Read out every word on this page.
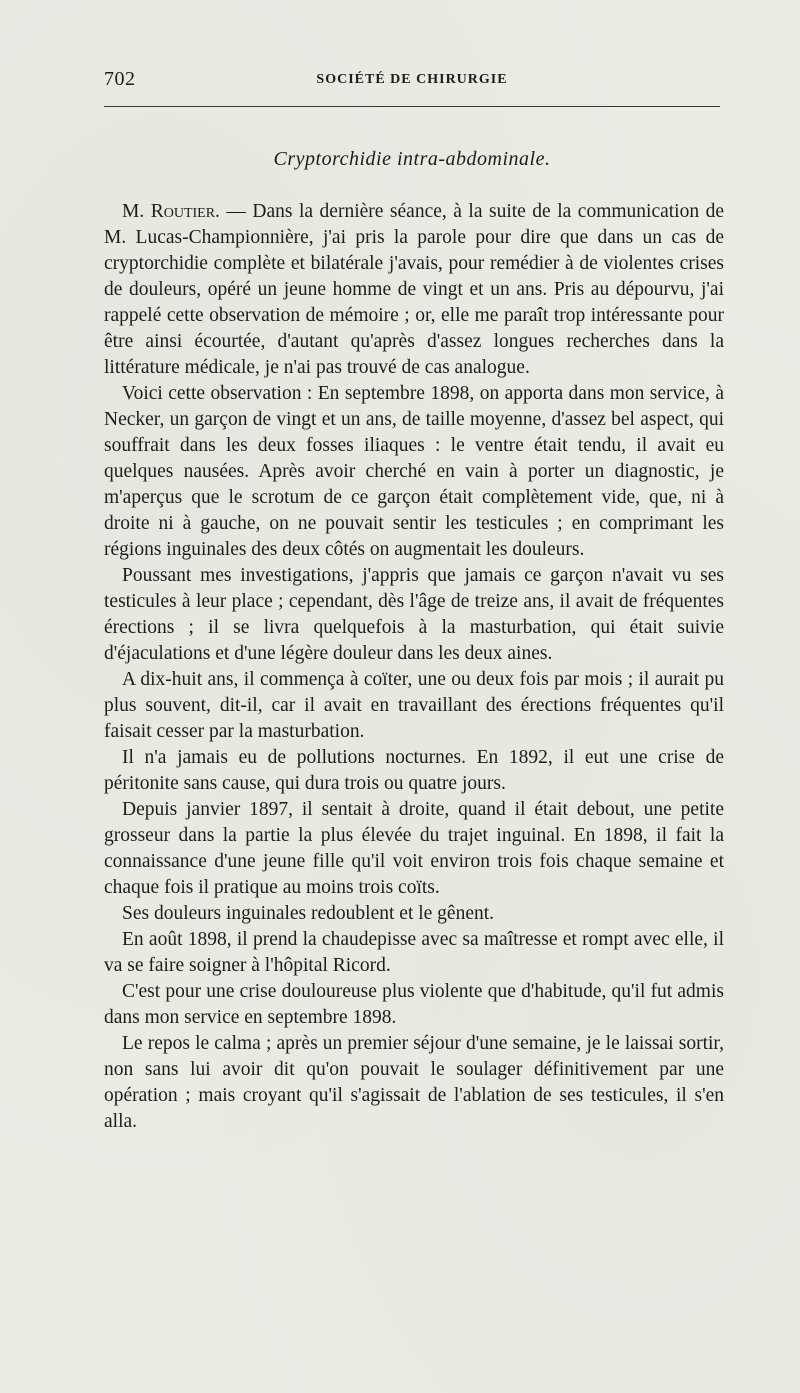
702	SOCIÉTÉ DE CHIRURGIE
Cryptorchidie intra-abdominale.

M. Routier. — Dans la dernière séance, à la suite de la communication de M. Lucas-Championnière, j'ai pris la parole pour dire que dans un cas de cryptorchidie complète et bilatérale j'avais, pour remédier à de violentes crises de douleurs, opéré un jeune homme de vingt et un ans. Pris au dépourvu, j'ai rappelé cette observation de mémoire ; or, elle me paraît trop intéressante pour être ainsi écourtée, d'autant qu'après d'assez longues recherches dans la littérature médicale, je n'ai pas trouvé de cas analogue.

Voici cette observation : En septembre 1898, on apporta dans mon service, à Necker, un garçon de vingt et un ans, de taille moyenne, d'assez bel aspect, qui souffrait dans les deux fosses iliaques : le ventre était tendu, il avait eu quelques nausées. Après avoir cherché en vain à porter un diagnostic, je m'aperçus que le scrotum de ce garçon était complètement vide, que, ni à droite ni à gauche, on ne pouvait sentir les testicules ; en comprimant les régions inguinales des deux côtés on augmentait les douleurs.

Poussant mes investigations, j'appris que jamais ce garçon n'avait vu ses testicules à leur place ; cependant, dès l'âge de treize ans, il avait de fréquentes érections ; il se livra quelquefois à la masturbation, qui était suivie d'éjaculations et d'une légère douleur dans les deux aines.

A dix-huit ans, il commença à coïter, une ou deux fois par mois ; il aurait pu plus souvent, dit-il, car il avait en travaillant des érections fréquentes qu'il faisait cesser par la masturbation.

Il n'a jamais eu de pollutions nocturnes. En 1892, il eut une crise de péritonite sans cause, qui dura trois ou quatre jours.

Depuis janvier 1897, il sentait à droite, quand il était debout, une petite grosseur dans la partie la plus élevée du trajet inguinal. En 1898, il fait la connaissance d'une jeune fille qu'il voit environ trois fois chaque semaine et chaque fois il pratique au moins trois coïts.

Ses douleurs inguinales redoublent et le gênent.

En août 1898, il prend la chaudepisse avec sa maîtresse et rompt avec elle, il va se faire soigner à l'hôpital Ricord.

C'est pour une crise douloureuse plus violente que d'habitude, qu'il fut admis dans mon service en septembre 1898.

Le repos le calma ; après un premier séjour d'une semaine, je le laissai sortir, non sans lui avoir dit qu'on pouvait le soulager définitivement par une opération ; mais croyant qu'il s'agissait de l'ablation de ses testicules, il s'en alla.
